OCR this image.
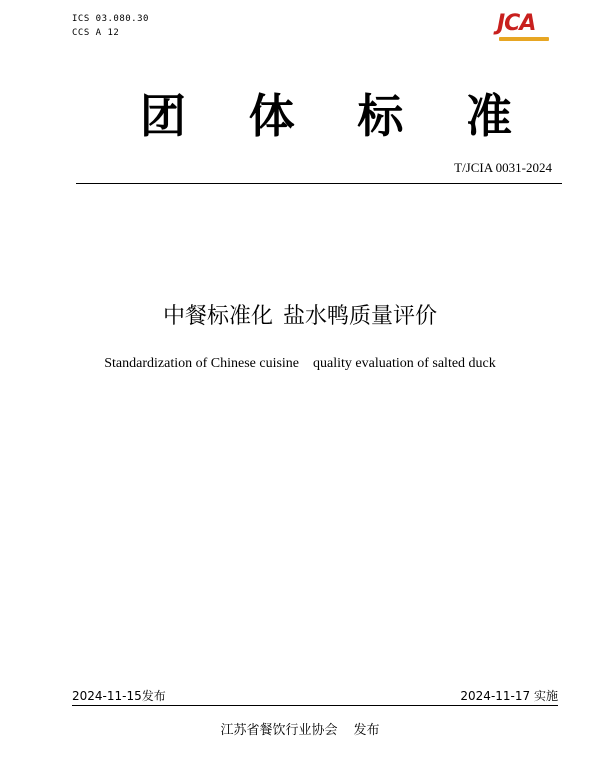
ICS 03.080.30
CCS A 12	JCA
团 体 标 准
T/JCIA 0031-2024
中餐标准化 盐水鸭质量评价
Standardization of Chinese cuisine quality evaluation of salted duck
2024-11-15发布	2024-11-17 实施
江苏省餐饮行业协会 发布
